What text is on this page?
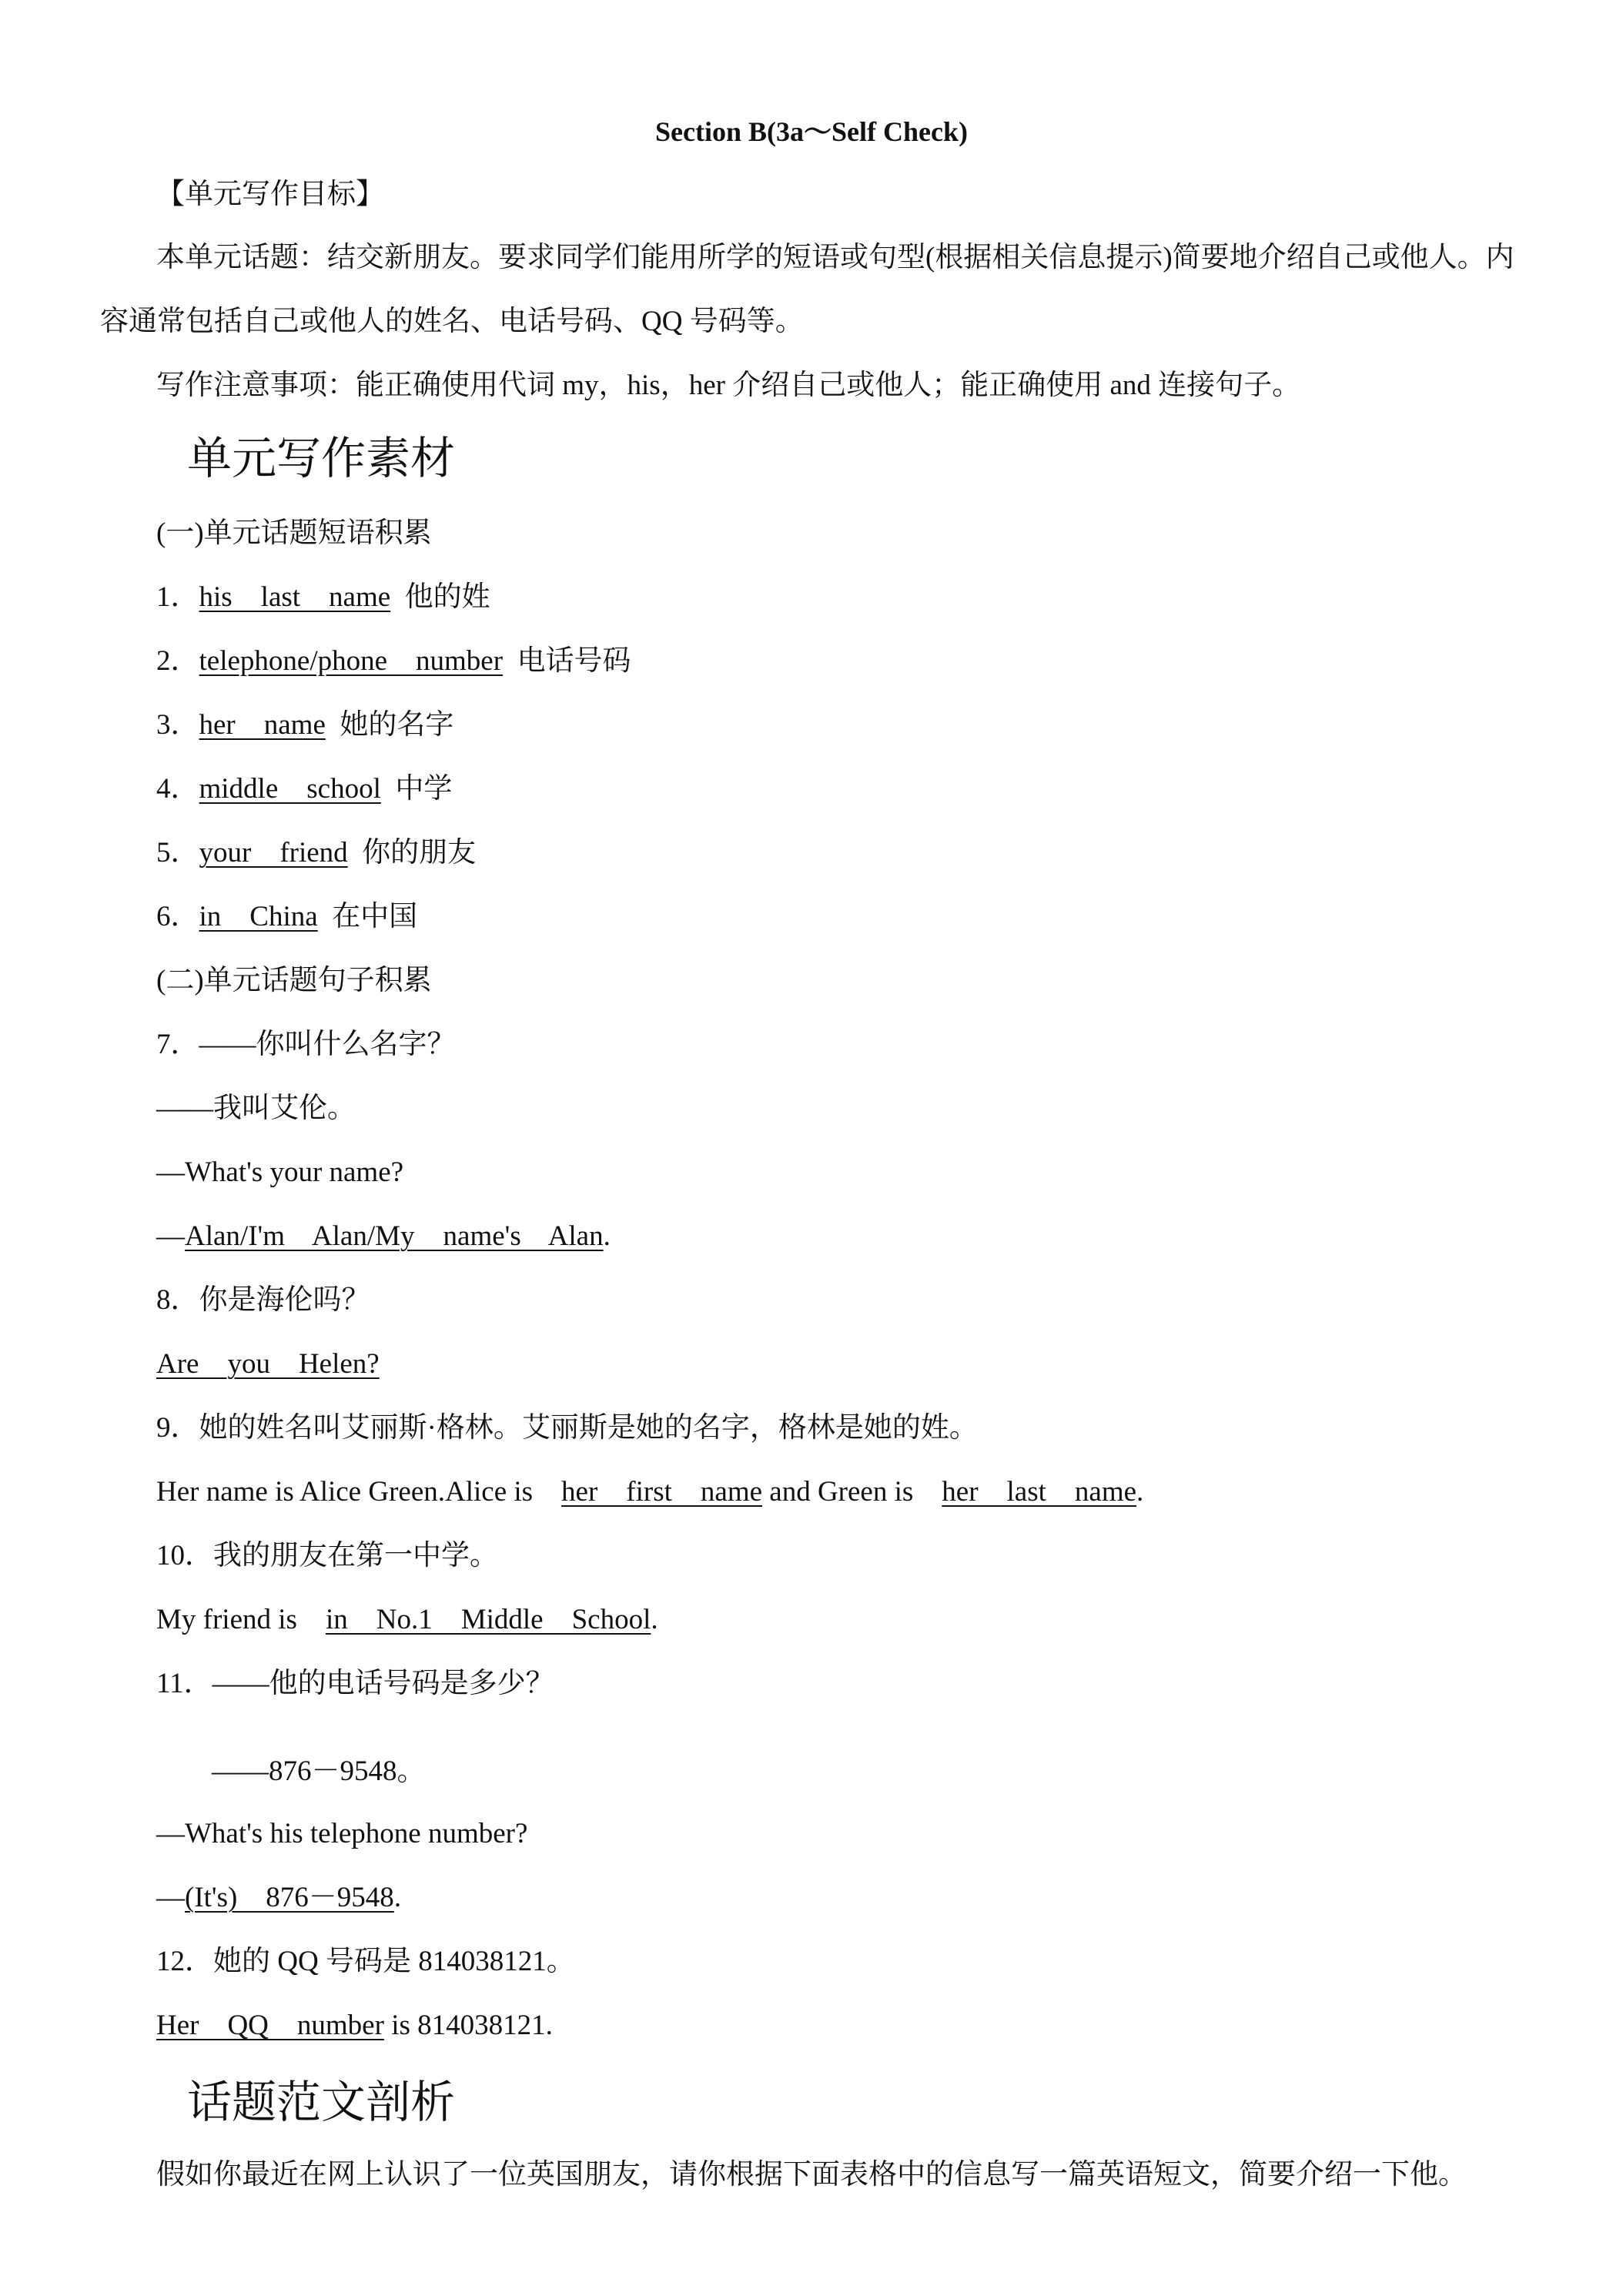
Section B(3a～Self Check)
【单元写作目标】
本单元话题：结交新朋友。要求同学们能用所学的短语或句型(根据相关信息提示)简要地介绍自己或他人。内
容通常包括自己或他人的姓名、电话号码、QQ 号码等。
写作注意事项：能正确使用代词 my，his，her 介绍自己或他人；能正确使用 and 连接句子。
单元写作素材
(一)单元话题短语积累
1．his    last    name  他的姓
2．telephone/phone    number  电话号码
3．her    name  她的名字
4．middle    school  中学
5．your    friend  你的朋友
6．in    China  在中国
(二)单元话题句子积累
7．——你叫什么名字？
——我叫艾伦。
—What's your name?
—Alan/I'm    Alan/My    name's    Alan.
8．你是海伦吗？
Are    you    Helen?
9．她的姓名叫艾丽斯·格林。艾丽斯是她的名字，格林是她的姓。
Her name is Alice Green.Alice is    her    first    name and Green is    her    last    name.
10．我的朋友在第一中学。
My friend is    in    No.1    Middle    School.
11．——他的电话号码是多少？
——876－9548。
—What's his telephone number?
—(It's)    876－9548.
12．她的 QQ 号码是 814038121。
Her    QQ    number is 814038121.
话题范文剖析
假如你最近在网上认识了一位英国朋友，请你根据下面表格中的信息写一篇英语短文，简要介绍一下他。
